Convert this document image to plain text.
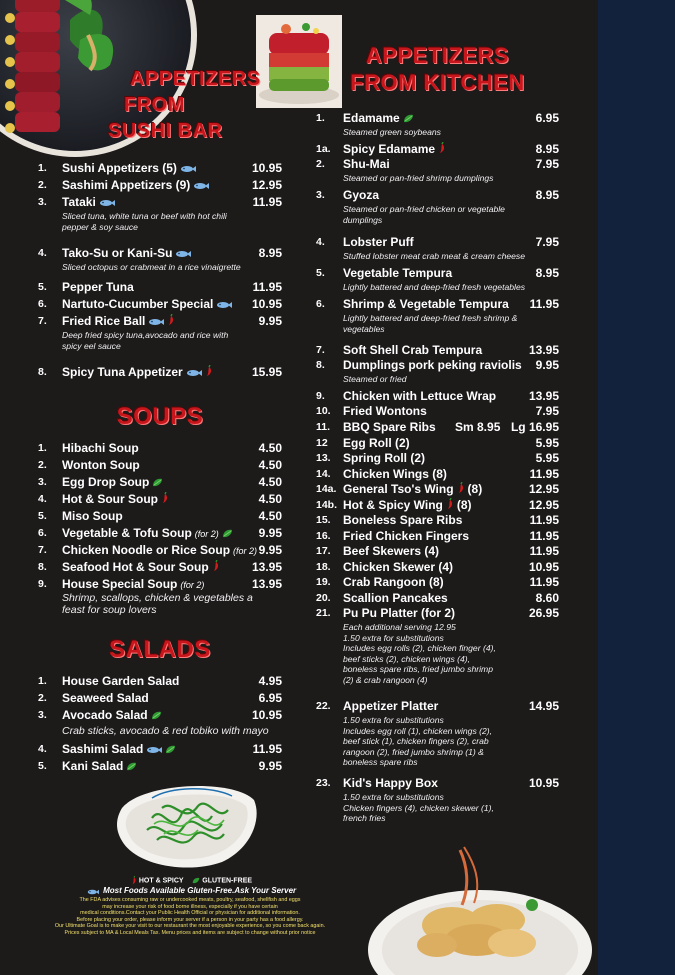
APPETIZERS
FROM
SUSHI BAR
APPETIZERS
FROM KITCHEN
SOUPS
SALADS
1. Sushi Appetizers (5)	10.95
2. Sashimi Appetizers (9)	12.95
3. Tataki	11.95
Sliced tuna, white tuna or beef with hot chili pepper & soy sauce
4. Tako-Su or Kani-Su	8.95
Sliced octopus or crabmeat in a rice vinaigrette
5. Pepper Tuna	11.95
6. Nartuto-Cucumber Special	10.95
7. Fried Rice Ball	9.95
Deep fried spicy tuna,avocado and rice with spicy eel sauce
8. Spicy Tuna Appetizer	15.95
1. Hibachi Soup	4.50
2. Wonton Soup	4.50
3. Egg Drop Soup	4.50
4. Hot & Sour Soup	4.50
5. Miso Soup	4.50
6. Vegetable & Tofu Soup (for 2)	9.95
7. Chicken Noodle or Rice Soup (for 2) 9.95
8. Seafood Hot & Sour Soup	13.95
9. House Special Soup (for 2)	13.95
Shrimp, scallops, chicken & vegetables a feast for soup lovers
1. House Garden Salad	4.95
2. Seaweed Salad	6.95
3. Avocado Salad	10.95
Crab sticks, avocado & red tobiko with mayo
4. Sashimi Salad	11.95
5. Kani Salad	9.95
1. Edamame	6.95
Steamed green soybeans
1a. Spicy Edamame	8.95
2. Shu-Mai	7.95
Steamed or pan-fried shrimp dumplings
3. Gyoza	8.95
Steamed or pan-fried chicken or vegetable dumplings
4. Lobster Puff	7.95
Stuffed lobster meat crab meat & cream cheese
5. Vegetable Tempura	8.95
Lightly battered and deep-fried fresh vegetables
6. Shrimp & Vegetable Tempura 11.95
Lightly battered and deep-fried fresh shrimp & vegetables
7. Soft Shell Crab Tempura	13.95
8. Dumplings pork peking raviolis 9.95
Steamed or fried
9. Chicken with Lettuce Wrap	13.95
10. Fried Wontons	7.95
11. BBQ Spare Ribs Sm 8.95 Lg 16.95
12 Egg Roll (2)	5.95
13. Spring Roll (2)	5.95
14. Chicken Wings (8)	11.95
14a. General Tso's Wing (8)	12.95
14b. Hot & Spicy Wing (8)	12.95
15. Boneless Spare Ribs	11.95
16. Fried Chicken Fingers	11.95
17. Beef Skewers (4)	11.95
18. Chicken Skewer (4)	10.95
19. Crab Rangoon (8)	11.95
20. Scallion Pancakes	8.60
21. Pu Pu Platter (for 2)	26.95
Each additional serving 12.95
1.50 extra for substitutions
Includes egg rolls (2), chicken finger (4),
beef sticks (2), chicken wings (4),
boneless spare ribs, fried jumbo shrimp
(2) & crab rangoon (4)
22. Appetizer Platter	14.95
1.50 extra for substitutions
Includes egg roll (1), chicken wings (2),
beef stick (1), chicken fingers (2), crab
rangoon (2), fried jumbo shrimp (1) &
boneless spare ribs
23. Kid's Happy Box	10.95
1.50 extra for substitutions
Chicken fingers (4), chicken skewer (1),
french fries
HOT & SPICY	GLUTEN-FREE
Most Foods Available Gluten-Free.Ask Your Server
The FDA advises consuming raw or undercooked meats, poultry, seafood, shellfish and eggs
may increase your risk of food borne illness, especially if you have certain
medical conditions.Contact your Public Health Official or physician for additional information.
Before placing your order, please inform your server if a person in your party has a food allergy.
Our Ultimate Goal is to make your visit to our restaurant the most enjoyable experience, so you come back again.
Prices subject to MA & Local Meals Tax. Menu prices and items are subject to change without prior notice
